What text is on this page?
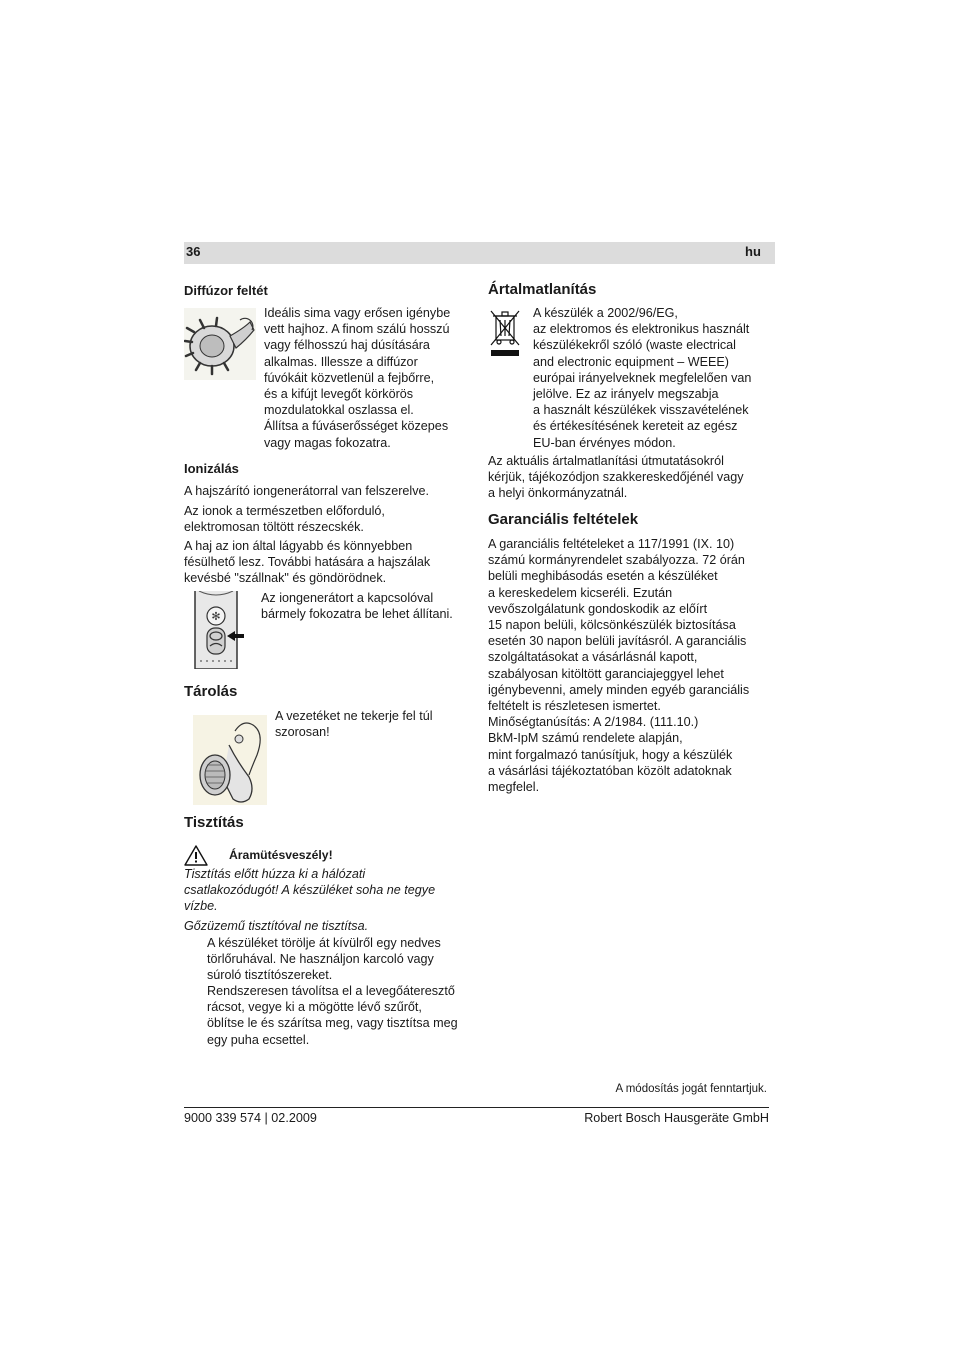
36	hu
Diffúzor feltét

Ideális sima vagy erősen igénybe
vett hajhoz. A finom szálú hosszú
vagy félhosszú haj dúsítására
alkalmas. Illessze a diffúzor
fúvókáit közvetlenül a fejbőrre,
és a kifújt levegőt körkörös
mozdulatokkal oszlassa el.
Állítsa a fúváserősséget közepes
vagy magas fokozatra.

Ionizálás

A hajszárító iongenerátorral van felszerelve.

Az ionok a természetben előforduló,
elektromosan töltött részecskék.

A haj az ion által lágyabb és könnyebben
fésülhető lesz. További hatására a hajszálak
kevésbé "szállnak" és göndörödnek.

✻

Az iongenerátort a kapcsolóval
bármely fokozatra be lehet állítani.

Tárolás

A vezetéket ne tekerje fel túl
szorosan!

Tisztítás

Áramütésveszély!

Tisztítás előtt húzza ki a hálózati
csatlakozódugót! A készüléket soha ne tegye
vízbe.

Gőzüzemű tisztítóval ne tisztítsa.

A készüléket törölje át kívülről egy nedves
törlőruhával. Ne használjon karcoló vagy
súroló tisztítószereket.

Rendszeresen távolítsa el a levegőáteresztő
rácsot, vegye ki a mögötte lévő szűrőt,
öblítse le és szárítsa meg, vagy tisztítsa meg
egy puha ecsettel.

Ártalmatlanítás

A készülék a 2002/96/EG,
az elektromos és elektronikus használt
készülékekről szóló (waste electrical
and electronic equipment – WEEE)
európai irányelveknek megfelelően van
jelölve. Ez az irányelv megszabja
a használt készülékek visszavételének
és értékesítésének kereteit az egész
EU-ban érvényes módon.

Az aktuális ártalmatlanítási útmutatásokról
kérjük, tájékozódjon szakkereskedőjénél vagy
a helyi önkormányzatnál.

Garanciális feltételek

A garanciális feltételeket a 117/1991 (IX. 10)
számú kormányrendelet szabályozza. 72 órán
belüli meghibásodás esetén a készüléket
a kereskedelem kicseréli. Ezután
vevőszolgálatunk gondoskodik az előírt
15 napon belüli, kölcsönkészülék biztosítása
esetén 30 napon belüli javításról. A garanciális
szolgáltatásokat a vásárlásnál kapott,
szabályosan kitöltött garanciajeggyel lehet
igénybevenni, amely minden egyéb garanciális
feltételt is részletesen ismertet.
Minőségtanúsítás: A 2/1984. (111.10.)
BkM-IpM számú rendelete alapján,
mint forgalmazó tanúsítjuk, hogy a készülék
a vásárlási tájékoztatóban közölt adatoknak
megfelel.

A módosítás jogát fenntartjuk.

9000 339 574 | 02.2009	Robert Bosch Hausgeräte GmbH
